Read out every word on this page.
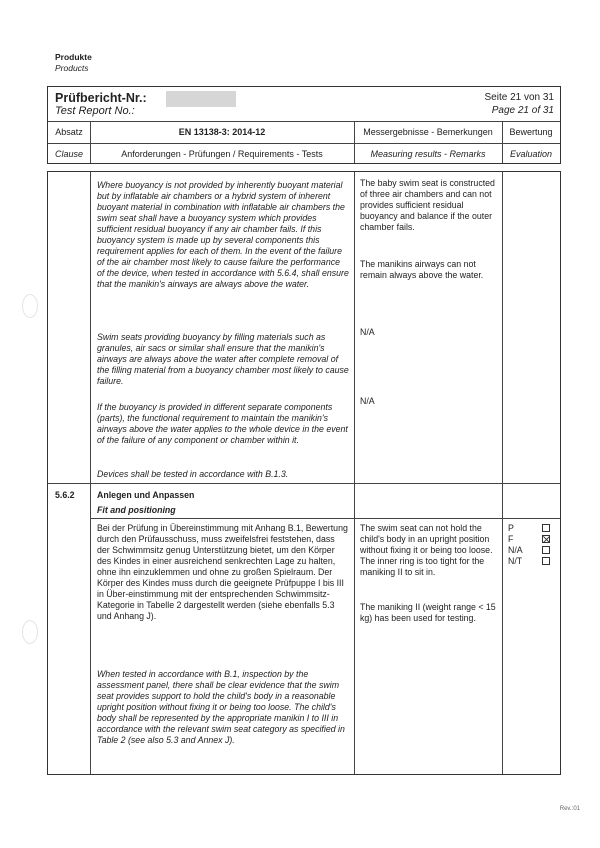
Produkte
Products
Prüfbericht-Nr.:
Test Report No.:
Seite 21 von 31
Page 21 of 31
Absatz
Clause
EN 13138-3: 2014-12
Anforderungen - Prüfungen / Requirements - Tests
Messergebnisse - Bemerkungen
Measuring results - Remarks
Bewertung
Evaluation
Where buoyancy is not provided by inherently buoyant material but by inflatable air chambers or a hybrid system of inherent buoyant material in combination with inflatable air chambers the swim seat shall have a buoyancy system which provides sufficient residual buoyancy if any air chamber fails. If this buoyancy system is made up by several components this requirement applies for each of them. In the event of the failure of the air chamber most likely to cause failure the performance of the device, when tested in accordance with 5.6.4, shall ensure that the manikin's airways are always above the water.
Swim seats providing buoyancy by filling materials such as granules, air sacs or similar shall ensure that the manikin's airways are always above the water after complete removal of the filling material from a buoyancy chamber most likely to cause failure.
If the buoyancy is provided in different separate components (parts), the functional requirement to maintain the manikin's airways above the water applies to the whole device in the event of the failure of any component or chamber within it.
Devices shall be tested in accordance with B.1.3.
The baby swim seat is constructed of three air chambers and can not provides sufficient residual buoyancy and balance if the outer chamber fails.
The manikins airways can not remain always above the water.
N/A
N/A
5.6.2	Anlegen und Anpassen
Fit and positioning
Bei der Prüfung in Übereinstimmung mit Anhang B.1, Bewertung durch den Prüfausschuss, muss zweifelsfrei feststehen, dass der Schwimmsitz genug Unterstützung bietet, um den Körper des Kindes in einer ausreichend senkrechten Lage zu halten, ohne ihn einzuklemmen und ohne zu großen Spielraum. Der Körper des Kindes muss durch die geeignete Prüfpuppe I bis III in Über-einstimmung mit der entsprechenden Schwimmsitz-Kategorie in Tabelle 2 dargestellt werden (siehe ebenfalls 5.3 und Anhang J).
When tested in accordance with B.1, inspection by the assessment panel, there shall be clear evidence that the swim seat provides support to hold the child's body in a reasonable upright position without fixing it or being too loose. The child's body shall be represented by the appropriate manikin I to III in accordance with the relevant swim seat category as specified in Table 2 (see also 5.3 and Annex J).
The swim seat can not hold the child's body in an upright position without fixing it or being too loose. The inner ring is too tight for the maniking II to sit in.
The maniking II (weight range < 15 kg) has been used for testing.
P
F
N/A
N/T
Rev.:01
